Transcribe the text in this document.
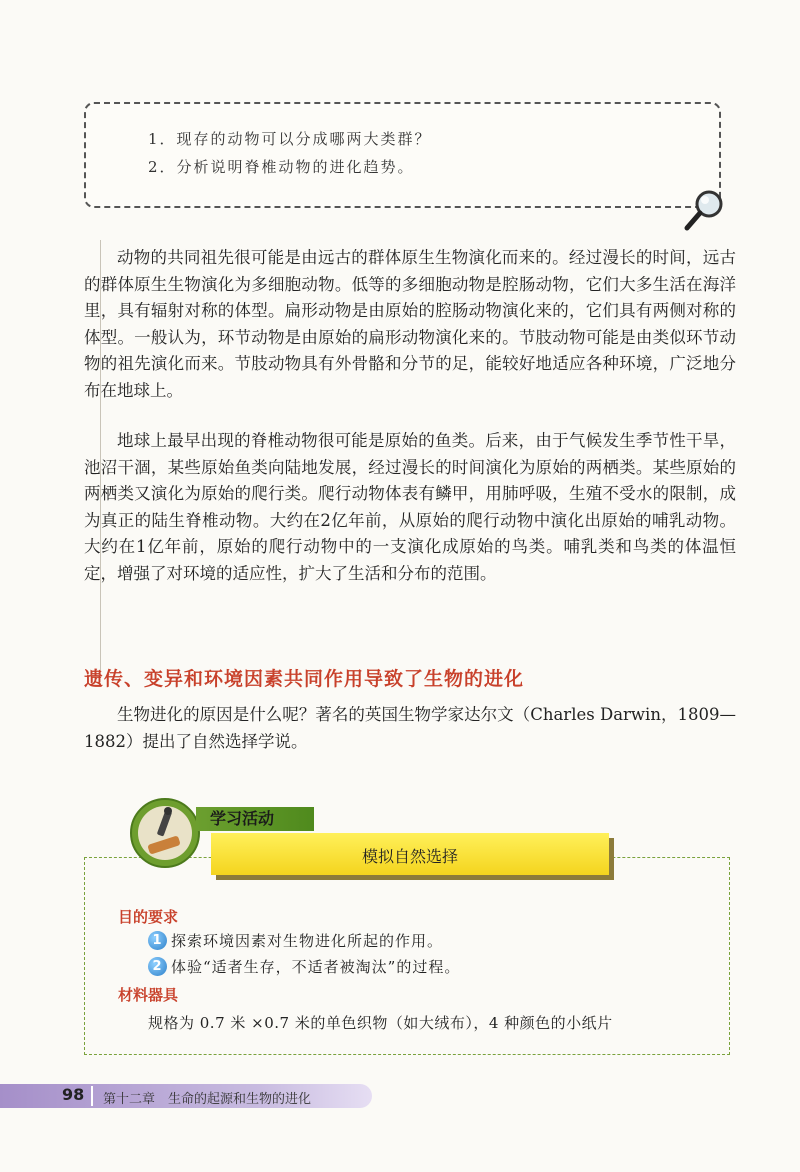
1．现存的动物可以分成哪两大类群？
2．分析说明脊椎动物的进化趋势。

动物的共同祖先很可能是由远古的群体原生生物演化而来的。经过漫长的时间，远古的群体原生生物演化为多细胞动物。低等的多细胞动物是腔肠动物，它们大多生活在海洋里，具有辐射对称的体型。扁形动物是由原始的腔肠动物演化来的，它们具有两侧对称的体型。一般认为，环节动物是由原始的扁形动物演化来的。节肢动物可能是由类似环节动物的祖先演化而来。节肢动物具有外骨骼和分节的足，能较好地适应各种环境，广泛地分布在地球上。

地球上最早出现的脊椎动物很可能是原始的鱼类。后来，由于气候发生季节性干旱，池沼干涸，某些原始鱼类向陆地发展，经过漫长的时间演化为原始的两栖类。某些原始的两栖类又演化为原始的爬行类。爬行动物体表有鳞甲，用肺呼吸，生殖不受水的限制，成为真正的陆生脊椎动物。大约在2亿年前，从原始的爬行动物中演化出原始的哺乳动物。大约在1亿年前，原始的爬行动物中的一支演化成原始的鸟类。哺乳类和鸟类的体温恒定，增强了对环境的适应性，扩大了生活和分布的范围。

遗传、变异和环境因素共同作用导致了生物的进化

生物进化的原因是什么呢？著名的英国生物学家达尔文（Charles Darwin，1809—1882）提出了自然选择学说。

学习活动
模拟自然选择
目的要求
1 探索环境因素对生物进化所起的作用。
2 体验“适者生存，不适者被淘汰”的过程。
材料器具
规格为 0.7 米 ×0.7 米的单色织物（如大绒布），4 种颜色的小纸片
98 第十二章　生命的起源和生物的进化
